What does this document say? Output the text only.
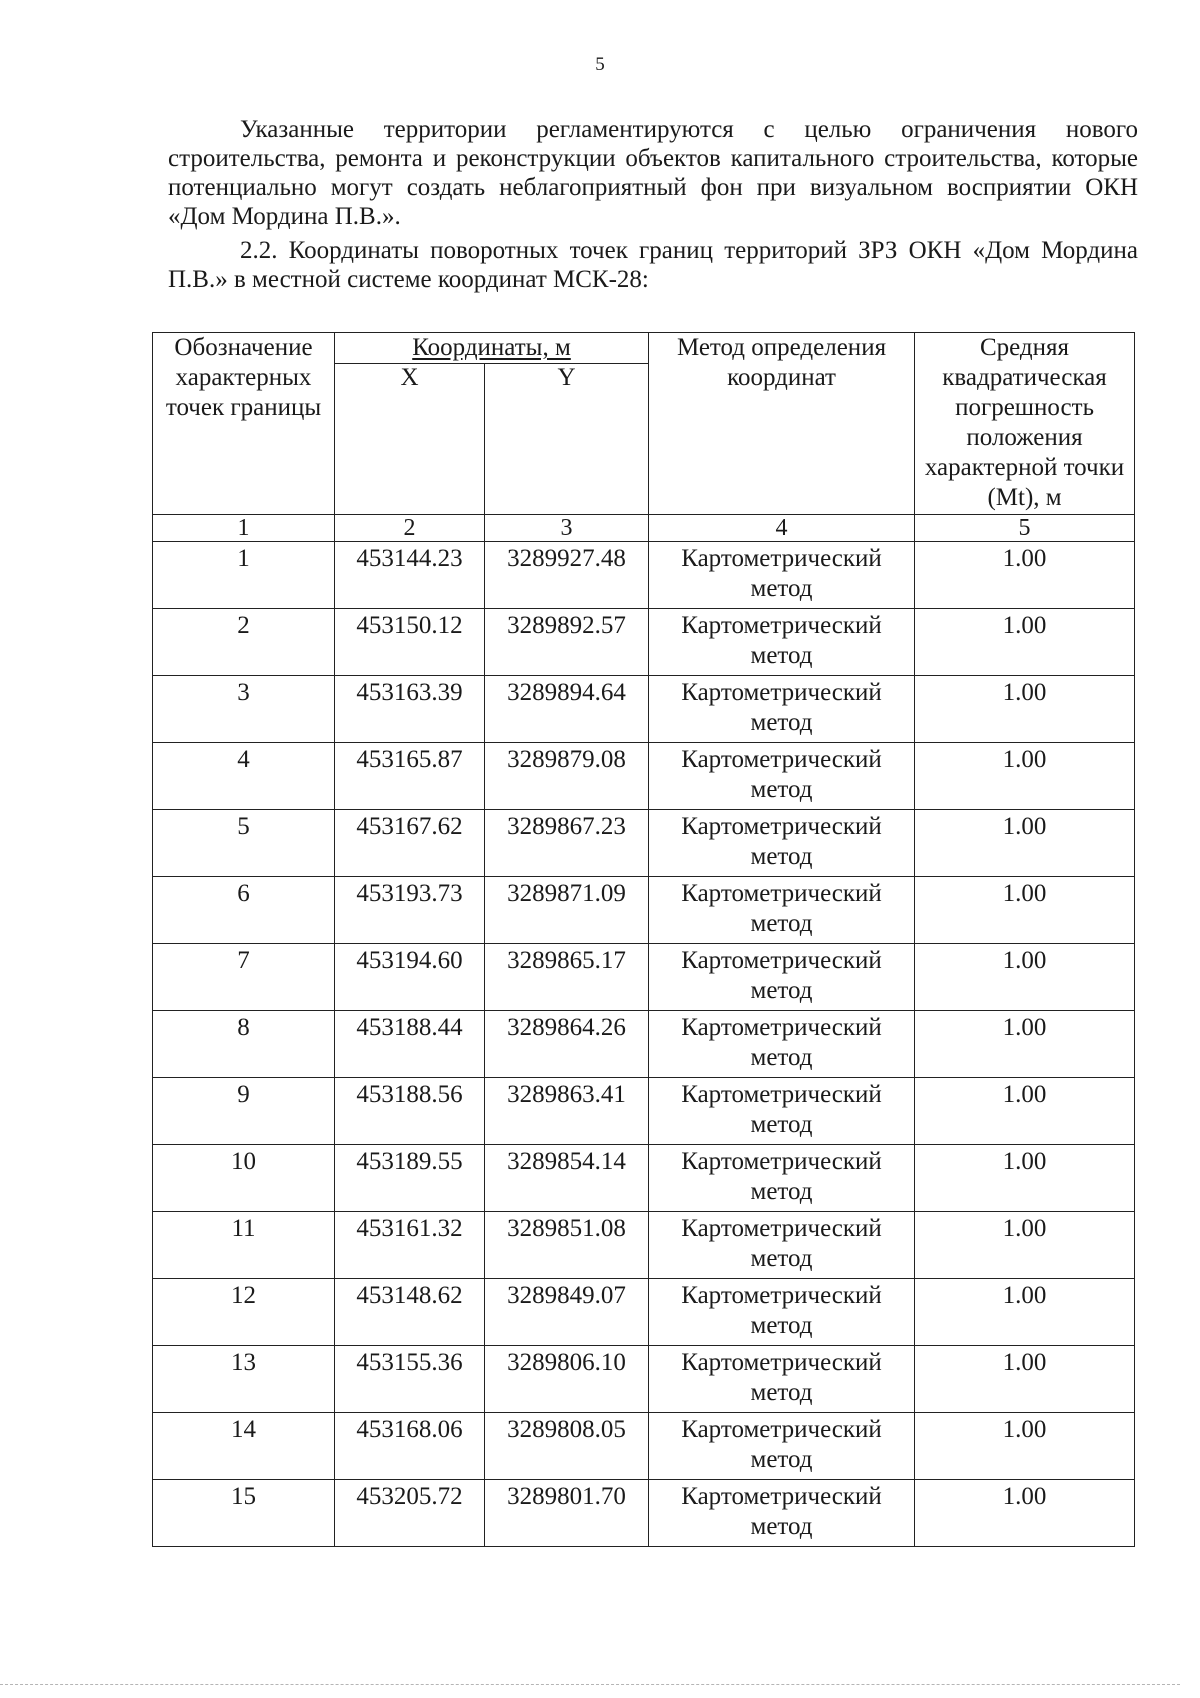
5

Указанные территории регламентируются с целью ограничения нового строительства, ремонта и реконструкции объектов капитального строительства, которые потенциально могут создать неблагоприятный фон при визуальном восприятии ОКН «Дом Мордина П.В.».

2.2. Координаты поворотных точек границ территорий ЗРЗ ОКН «Дом Мордина П.В.» в местной системе координат МСК-28:

Обозначение характерных точек границы	Координаты, м		Метод определения координат	Средняя квадратическая погрешность положения характерной точки (Mt), м
	X	Y		
1	2	3	4	5
1	453144.23	3289927.48	Картометрический метод	1.00
2	453150.12	3289892.57	Картометрический метод	1.00
3	453163.39	3289894.64	Картометрический метод	1.00
4	453165.87	3289879.08	Картометрический метод	1.00
5	453167.62	3289867.23	Картометрический метод	1.00
6	453193.73	3289871.09	Картометрический метод	1.00
7	453194.60	3289865.17	Картометрический метод	1.00
8	453188.44	3289864.26	Картометрический метод	1.00
9	453188.56	3289863.41	Картометрический метод	1.00
10	453189.55	3289854.14	Картометрический метод	1.00
11	453161.32	3289851.08	Картометрический метод	1.00
12	453148.62	3289849.07	Картометрический метод	1.00
13	453155.36	3289806.10	Картометрический метод	1.00
14	453168.06	3289808.05	Картометрический метод	1.00
15	453205.72	3289801.70	Картометрический метод	1.00
